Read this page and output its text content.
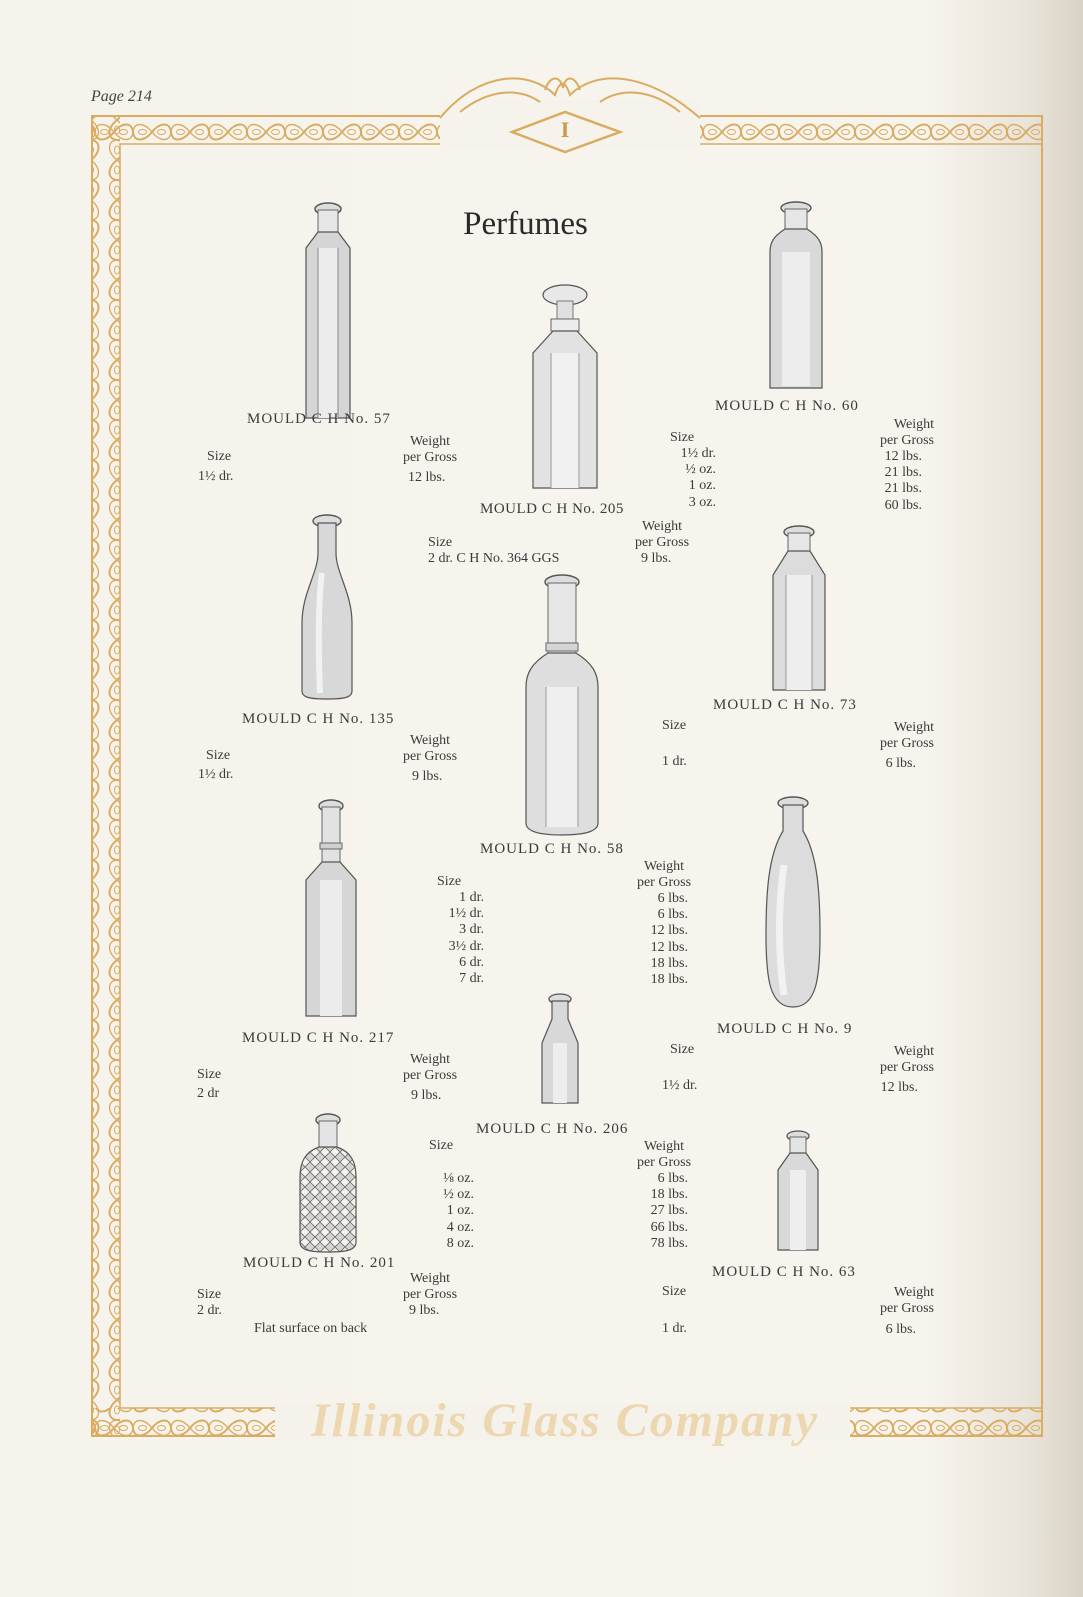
I
Page 214
Perfumes
MOULD C H No. 57
Size
1½ dr.
Weight
per Gross
12 lbs.
MOULD C H No. 205
Size
2 dr. C H No. 364 GGS
Weight
per Gross
9 lbs.
MOULD C H No. 60
Size
1½ dr.
½ oz.
1 oz.
3 oz.
Weight
per Gross
12 lbs.
21 lbs.
21 lbs.
60 lbs.
MOULD C H No. 135
Size
1½ dr.
Weight
per Gross
9 lbs.
MOULD C H No. 73
Size
1 dr.
Weight
per Gross
6 lbs.
MOULD C H No. 58
Size
1 dr.
1½ dr.
3 dr.
3½ dr.
6 dr.
7 dr.
Weight
per Gross
6 lbs.
6 lbs.
12 lbs.
12 lbs.
18 lbs.
18 lbs.
MOULD C H No. 217
Size
2 dr
Weight
per Gross
9 lbs.
MOULD C H No. 9
Size
1½ dr.
Weight
per Gross
12 lbs.
MOULD C H No. 206
Size
⅛ oz.
½ oz.
1 oz.
4 oz.
8 oz.
Weight
per Gross
6 lbs.
18 lbs.
27 lbs.
66 lbs.
78 lbs.
MOULD C H No. 201
Size
2 dr.
Weight
per Gross
9 lbs.
Flat surface on back
MOULD C H No. 63
Size
1 dr.
Weight
per Gross
6 lbs.
Illinois Glass Company
